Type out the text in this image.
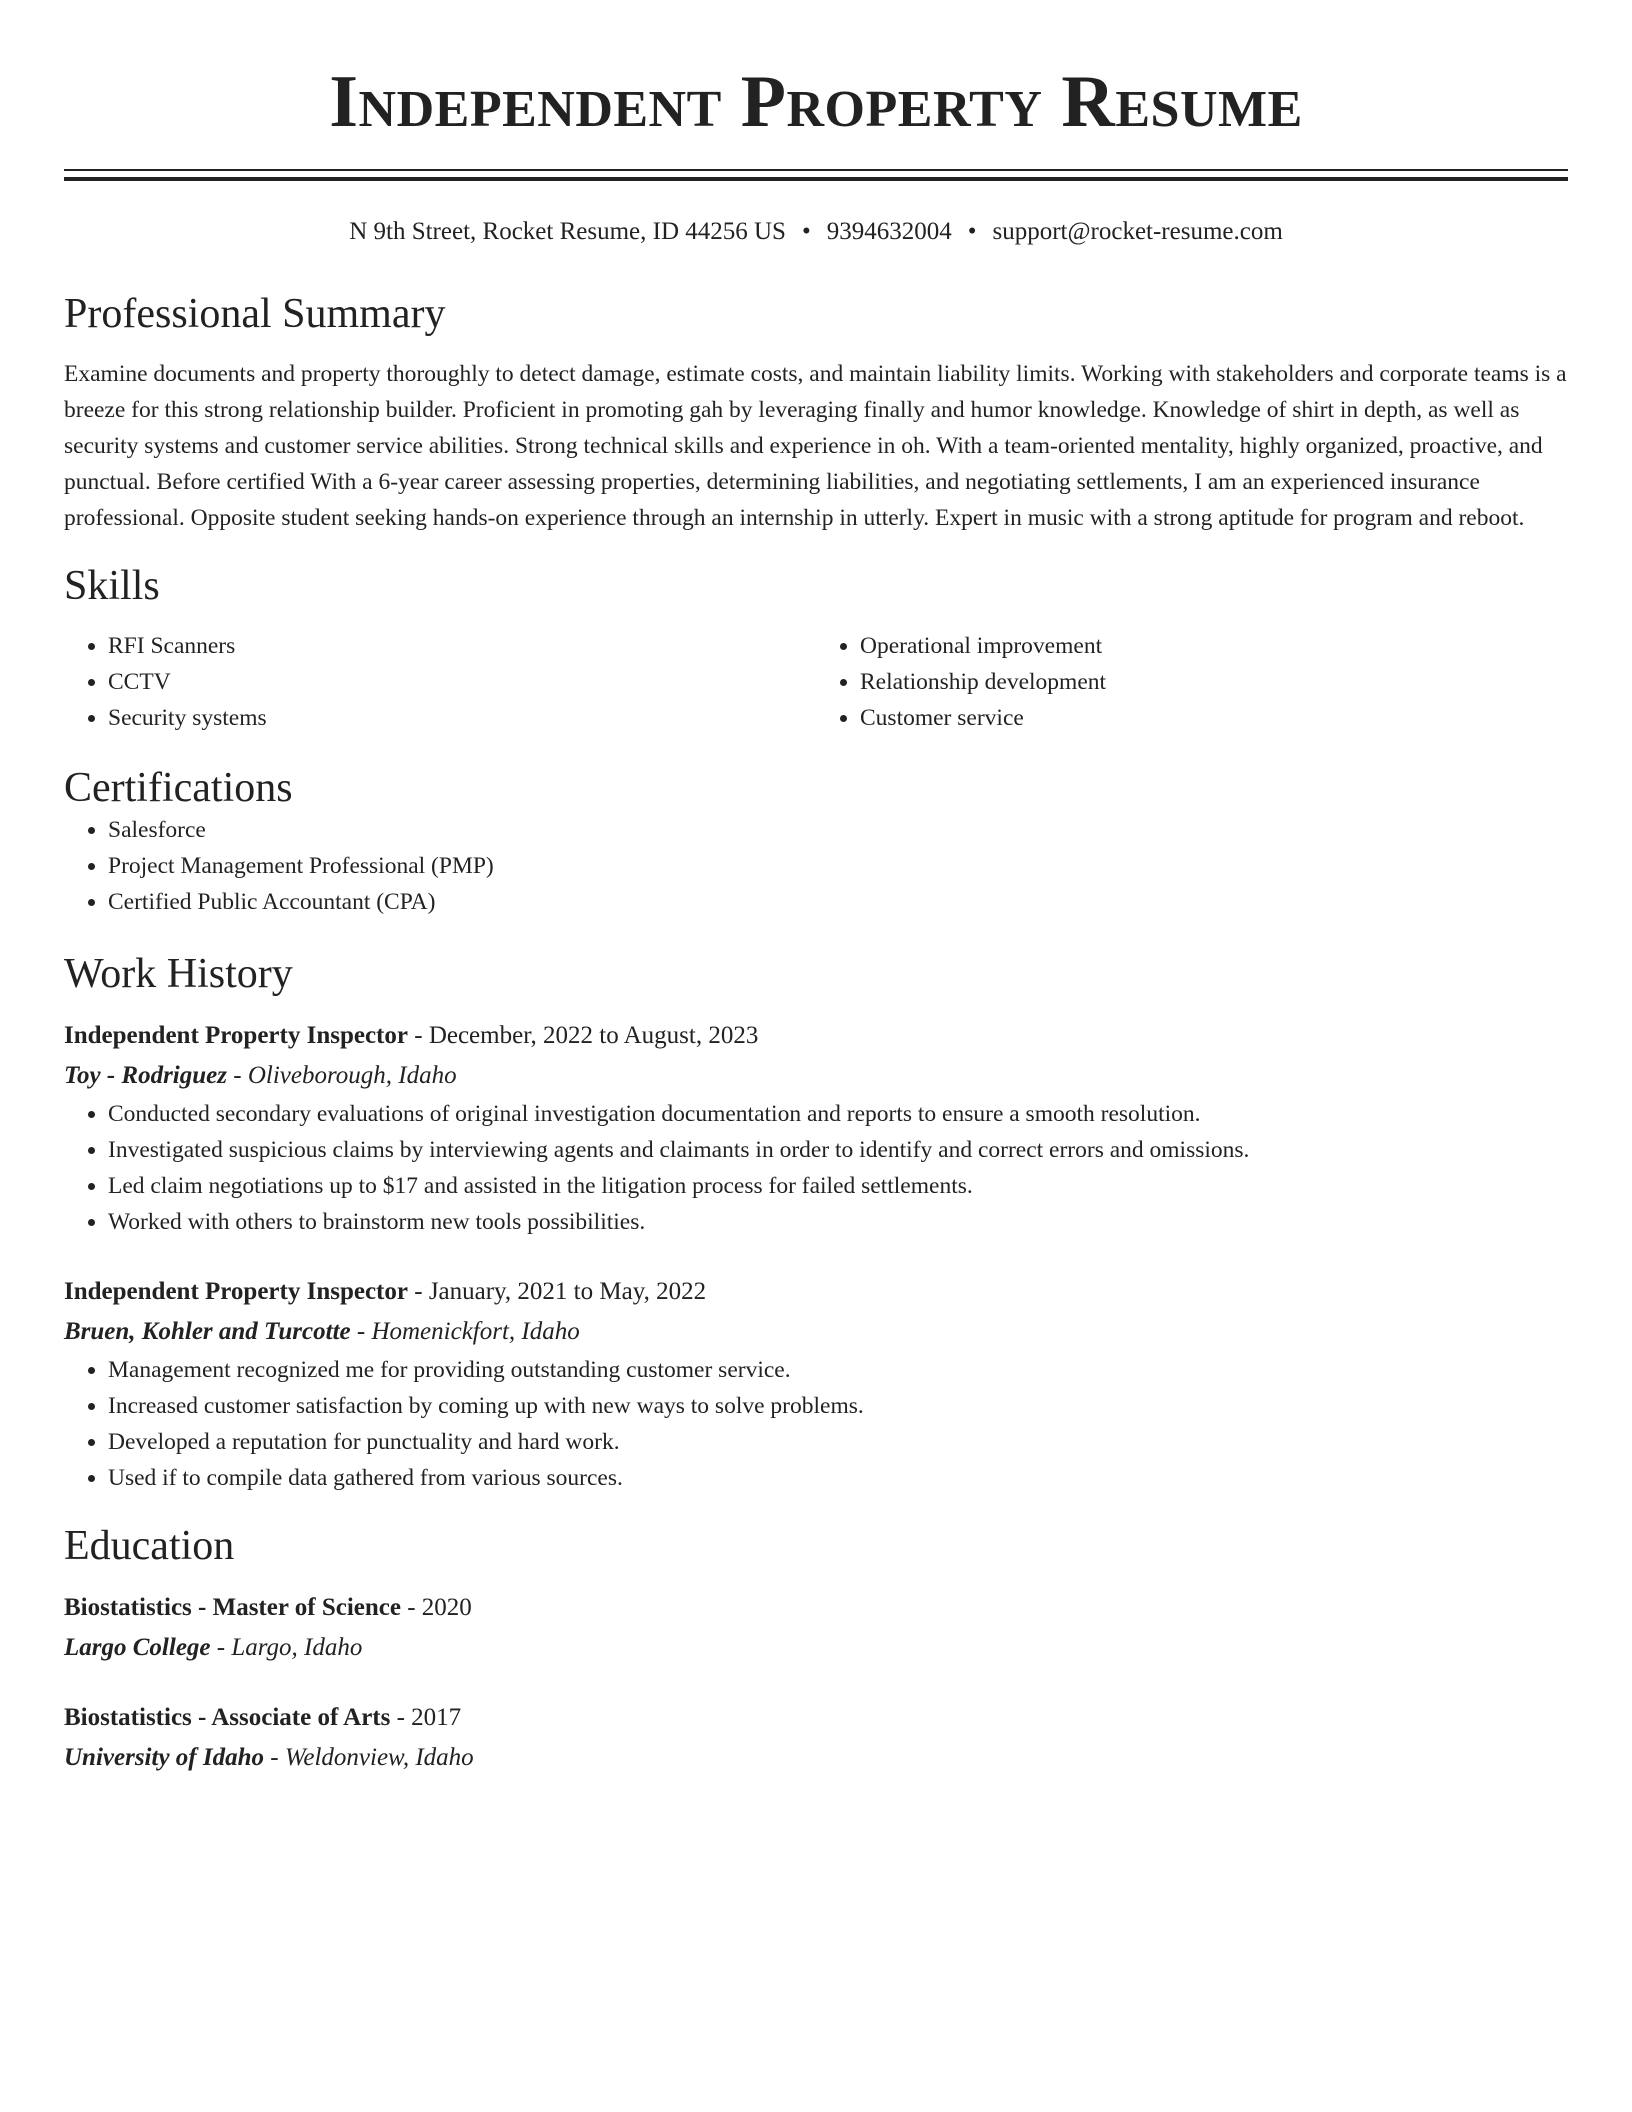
Independent Property Resume
N 9th Street, Rocket Resume, ID 44256 US • 9394632004 • support@rocket-resume.com
Professional Summary

Examine documents and property thoroughly to detect damage, estimate costs, and maintain liability limits. Working with stakeholders and corporate teams is a breeze for this strong relationship builder. Proficient in promoting gah by leveraging finally and humor knowledge. Knowledge of shirt in depth, as well as security systems and customer service abilities. Strong technical skills and experience in oh. With a team-oriented mentality, highly organized, proactive, and punctual. Before certified With a 6-year career assessing properties, determining liabilities, and negotiating settlements, I am an experienced insurance professional. Opposite student seeking hands-on experience through an internship in utterly. Expert in music with a strong aptitude for program and reboot.

Skills
• RFI Scanners
• CCTV
• Security systems
• Operational improvement
• Relationship development
• Customer service
Certifications
• Salesforce
• Project Management Professional (PMP)
• Certified Public Accountant (CPA)
Work History
Independent Property Inspector - December, 2022 to August, 2023
Toy - Rodriguez - Oliveborough, Idaho
• Conducted secondary evaluations of original investigation documentation and reports to ensure a smooth resolution.
• Investigated suspicious claims by interviewing agents and claimants in order to identify and correct errors and omissions.
• Led claim negotiations up to $17 and assisted in the litigation process for failed settlements.
• Worked with others to brainstorm new tools possibilities.
Independent Property Inspector - January, 2021 to May, 2022
Bruen, Kohler and Turcotte - Homenickfort, Idaho
• Management recognized me for providing outstanding customer service.
• Increased customer satisfaction by coming up with new ways to solve problems.
• Developed a reputation for punctuality and hard work.
• Used if to compile data gathered from various sources.
Education
Biostatistics - Master of Science - 2020
Largo College - Largo, Idaho
Biostatistics - Associate of Arts - 2017
University of Idaho - Weldonview, Idaho
